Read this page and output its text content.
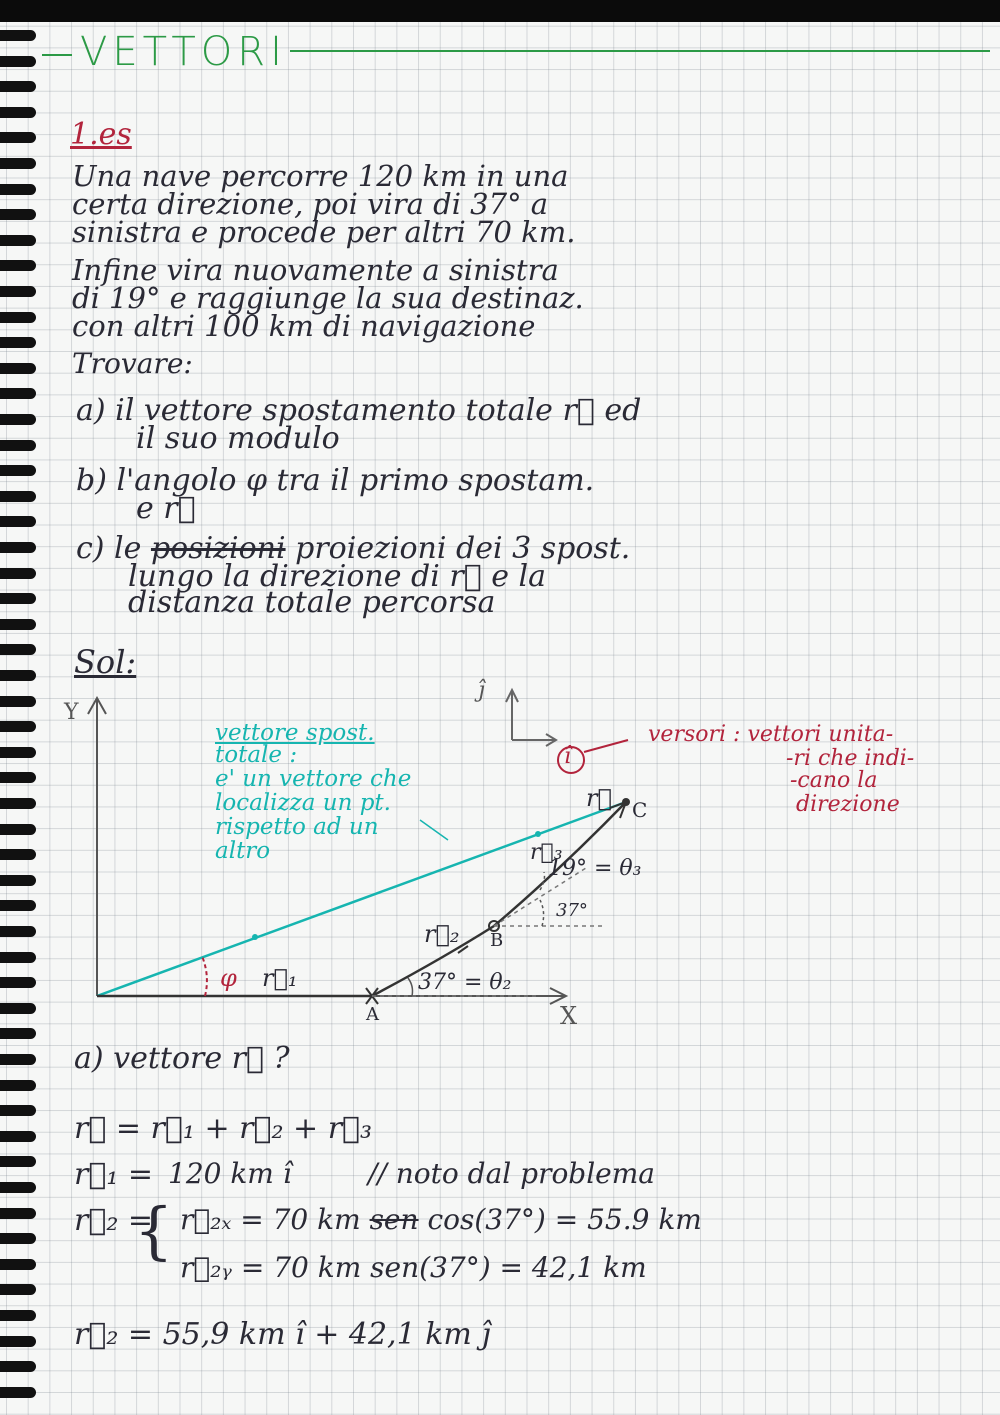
VETTORI
1.es
Una nave percorre 120 km in una
certa direzione, poi vira di 37° a
sinistra e procede per altri 70 km.
Infine vira nuovamente a sinistra
di 19° e raggiunge la sua destinaz.
con altri 100 km di navigazione
Trovare:
a) il vettore spostamento totale r⃗ ed
il suo modulo
b) l'angolo φ tra il primo spostam.
e r⃗
c) le posizioni proiezioni dei 3 spost.
lungo la direzione di r⃗ e la
distanza totale percorsa
Sol:
Y
X
ĵ
î
A
B
C
r⃗₁
r⃗₂
r⃗₃
r⃗
φ	37° = θ₂
19° = θ₃
37°
vettore spost.
totale :
e' un vettore che
localizza un pt.
rispetto ad un
altro
versori : vettori unita-
-ri che indi-
-cano la
direzione
a) vettore r⃗ ?
r⃗ = r⃗₁ + r⃗₂ + r⃗₃
r⃗₁ = 120 km î	// noto dal problema
r⃗₂ =
{ r⃗₂ₓ = 70 km sen cos(37°) = 55.9 km
r⃗₂ᵧ = 70 km sen(37°) = 42,1 km
r⃗₂ = 55,9 km î + 42,1 km ĵ
